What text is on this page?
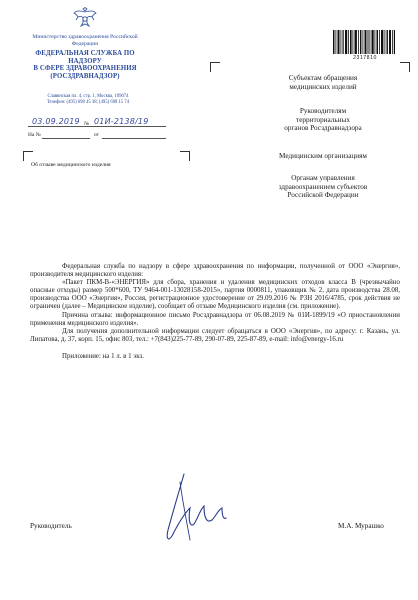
Министерство здравоохранения Российской Федерации
ФЕДЕРАЛЬНАЯ СЛУЖБА ПО НАДЗОРУ
В СФЕРЕ ЗДРАВООХРАНЕНИЯ
(РОСЗДРАВНАДЗОР)
Славянская пл. 4, стр. 1, Москва, 109074
Телефон: (495) 698 45 38; (495) 698 15 74
03.09.2019 № 01И-2138/19
На №	от
Об отзыве медицинского изделия
2317810
Субъектам обращения
медицинских изделий
Руководителям
территориальных
органов Росздравнадзора
Медицинским организациям
Органам управления
здравоохранением субъектов
Российской Федерации

Федеральная служба по надзору в сфере здравоохранения по информации, полученной от ООО «Энергия», производителя медицинского изделия:

«Пакет ПКМ-В-«ЭНЕРГИЯ» для сбора, хранения и удаления медицинских отходов класса В (чрезвычайно опасные отходы) размер 500*600, ТУ 9464-001-13028158-2015», партия 0000811, упаковщик № 2, дата производства 28.08, производства ООО «Энергия», Россия, регистрационное удостоверение от 29.09.2016 № РЗН 2016/4785, срок действия не ограничен (далее – Медицинское изделие), сообщает об отзыве Медицинского изделия (см. приложение).

Причина отзыва: информационное письмо Росздравнадзора от 06.08.2019 № 01И-1899/19 «О приостановлении применения медицинского изделия».

Для получения дополнительной информации следует обращаться в ООО «Энергия», по адресу: г. Казань, ул. Липатова, д. 37, корп. 15, офис 803, тел.: +7(843)225-77-89, 290-07-89, 225-87-89, e-mail: info@energy-16.ru

Приложение: на 1 л. в 1 экз.

Руководитель	М.А. Мурашко
